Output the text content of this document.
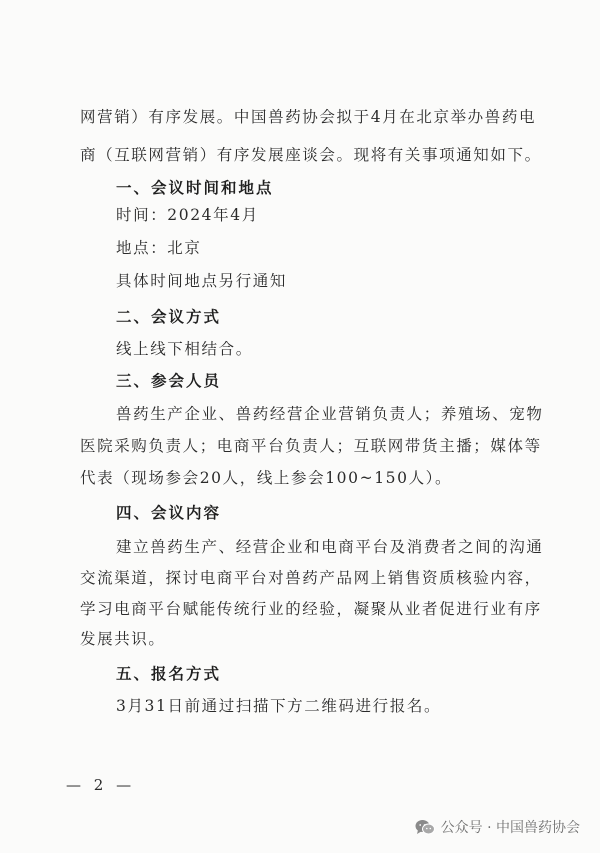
网营销）有序发展。中国兽药协会拟于4月在北京举办兽药电
商（互联网营销）有序发展座谈会。现将有关事项通知如下。
一、会议时间和地点
时间：2024年4月
地点：北京
具体时间地点另行通知
二、会议方式
线上线下相结合。
三、参会人员
兽药生产企业、兽药经营企业营销负责人；养殖场、宠物
医院采购负责人；电商平台负责人；互联网带货主播；媒体等
代表（现场参会20人，线上参会100~150人）。
四、会议内容
建立兽药生产、经营企业和电商平台及消费者之间的沟通
交流渠道，探讨电商平台对兽药产品网上销售资质核验内容，
学习电商平台赋能传统行业的经验，凝聚从业者促进行业有序
发展共识。
五、报名方式
3月31日前通过扫描下方二维码进行报名。
— 2 —
公众号 · 中国兽药协会
